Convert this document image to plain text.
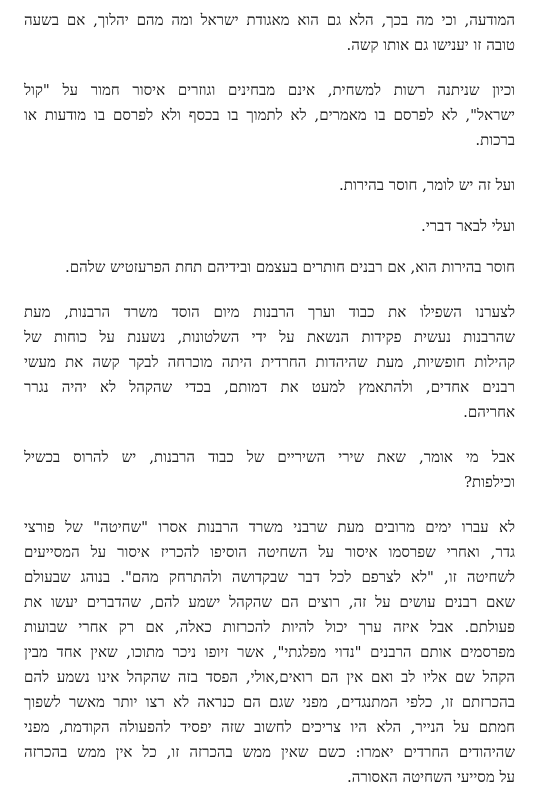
המודעה, וכי מה בכך, הלא גם הוא מאגודת ישראל ומה מהם יהלוך, אם בשעה
טובה זו יענישו גם אותו קשה.
וכיון שניתנה רשות למשחית, אינם מבחינים וגוזרים איסור חמור על "קול
ישראל", לא לפרסם בו מאמרים, לא לתמוך בו בכסף ולא לפרסם בו מודעות או
ברכות.
ועל זה יש לומר, חוסר בהירות.
ועלי לבאר דברי.
חוסר בהירות הוא, אם רבנים חותרים בעצמם ובידיהם תחת הפרעזטיש שלהם.
לצערנו השפילו את כבוד וערך הרבנות מיום הוסד משרד הרבנות, מעת
שהרבנות נעשית פקידות הנשאת על ידי השלטונות, נשענת על כוחות של
קהילות חופשיות, מעת שהיהדות החרדית היתה מוכרחה לבקר קשה את מעשי
רבנים אחדים, ולהתאמץ למעט את דמותם, בכדי שהקהל לא יהיה נגרר
אחריהם.
אבל מי אומר, שאת שירי השיריים של כבוד הרבנות, יש להרוס בכשיל
וכילפות?
לא עברו ימים מרובים מעת שרבני משרד הרבנות אסרו "שחיטה" של פורצי
גדר, ואחרי שפרסמו איסור על השחיטה הוסיפו להכריז איסור על המסייעים
לשחיטה זו, "לא לצרפם לכל דבר שבקדושה ולהתרחק מהם". בנוהג שבעולם
שאם רבנים עושים על זה, רוצים הם שהקהל ישמע להם, שהדברים יעשו את
פעולתם. אבל איזה ערך יכול להיות להכרזות כאלה, אם רק אחרי שבועות
מפרסמים אותם הרבנים "נדוי מפלגתי", אשר זיופו ניכר מתוכו, שאין אחד מבין
הקהל שם אליו לב ואם אין הם רואים,אולי, הפסד בזה שהקהל אינו נשמע להם
בהכרזתם זו, כלפי המתנגדים, מפני שגם הם כנראה לא רצו יותר מאשר לשפוך
חמתם על הנייר, הלא היו צריכים לחשוב שזה יפסיד להפעולה הקודמת, מפני
שהיהודים החרדים יאמרו: כשם שאין ממש בהכרזה זו, כל אין ממש בהכרזה
על מסייעי השחיטה האסורה.
